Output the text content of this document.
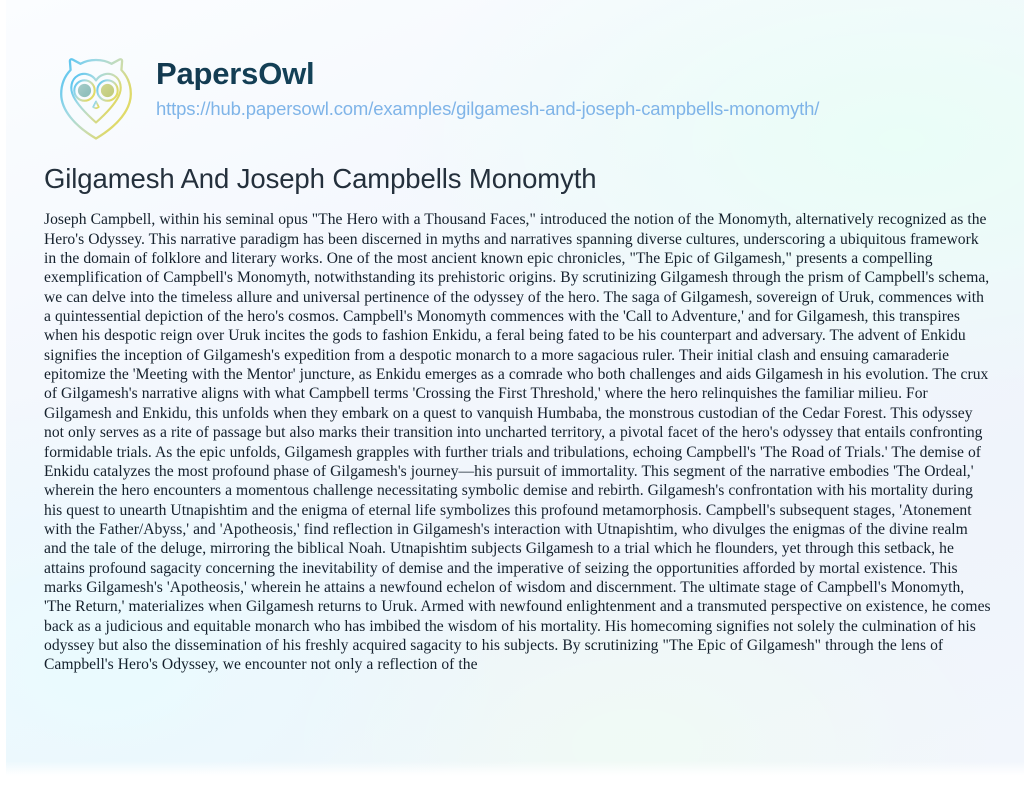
PapersOwl
https://hub.papersowl.com/examples/gilgamesh-and-joseph-campbells-monomyth/
Gilgamesh And Joseph Campbells Monomyth

Joseph Campbell, within his seminal opus "The Hero with a Thousand Faces," introduced the notion of the Monomyth, alternatively recognized as the Hero's Odyssey. This narrative paradigm has been discerned in myths and narratives spanning diverse cultures, underscoring a ubiquitous framework in the domain of folklore and literary works. One of the most ancient known epic chronicles, "The Epic of Gilgamesh," presents a compelling exemplification of Campbell's Monomyth, notwithstanding its prehistoric origins. By scrutinizing Gilgamesh through the prism of Campbell's schema, we can delve into the timeless allure and universal pertinence of the odyssey of the hero. The saga of Gilgamesh, sovereign of Uruk, commences with a quintessential depiction of the hero's cosmos. Campbell's Monomyth commences with the 'Call to Adventure,' and for Gilgamesh, this transpires when his despotic reign over Uruk incites the gods to fashion Enkidu, a feral being fated to be his counterpart and adversary. The advent of Enkidu signifies the inception of Gilgamesh's expedition from a despotic monarch to a more sagacious ruler. Their initial clash and ensuing camaraderie epitomize the 'Meeting with the Mentor' juncture, as Enkidu emerges as a comrade who both challenges and aids Gilgamesh in his evolution. The crux of Gilgamesh's narrative aligns with what Campbell terms 'Crossing the First Threshold,' where the hero relinquishes the familiar milieu. For Gilgamesh and Enkidu, this unfolds when they embark on a quest to vanquish Humbaba, the monstrous custodian of the Cedar Forest. This odyssey not only serves as a rite of passage but also marks their transition into uncharted territory, a pivotal facet of the hero's odyssey that entails confronting formidable trials. As the epic unfolds, Gilgamesh grapples with further trials and tribulations, echoing Campbell's 'The Road of Trials.' The demise of Enkidu catalyzes the most profound phase of Gilgamesh's journey—his pursuit of immortality. This segment of the narrative embodies 'The Ordeal,' wherein the hero encounters a momentous challenge necessitating symbolic demise and rebirth. Gilgamesh's confrontation with his mortality during his quest to unearth Utnapishtim and the enigma of eternal life symbolizes this profound metamorphosis. Campbell's subsequent stages, 'Atonement with the Father/Abyss,' and 'Apotheosis,' find reflection in Gilgamesh's interaction with Utnapishtim, who divulges the enigmas of the divine realm and the tale of the deluge, mirroring the biblical Noah. Utnapishtim subjects Gilgamesh to a trial which he flounders, yet through this setback, he attains profound sagacity concerning the inevitability of demise and the imperative of seizing the opportunities afforded by mortal existence. This marks Gilgamesh's 'Apotheosis,' wherein he attains a newfound echelon of wisdom and discernment. The ultimate stage of Campbell's Monomyth, 'The Return,' materializes when Gilgamesh returns to Uruk. Armed with newfound enlightenment and a transmuted perspective on existence, he comes back as a judicious and equitable monarch who has imbibed the wisdom of his mortality. His homecoming signifies not solely the culmination of his odyssey but also the dissemination of his freshly acquired sagacity to his subjects. By scrutinizing "The Epic of Gilgamesh" through the lens of Campbell's Hero's Odyssey, we encounter not only a reflection of the
